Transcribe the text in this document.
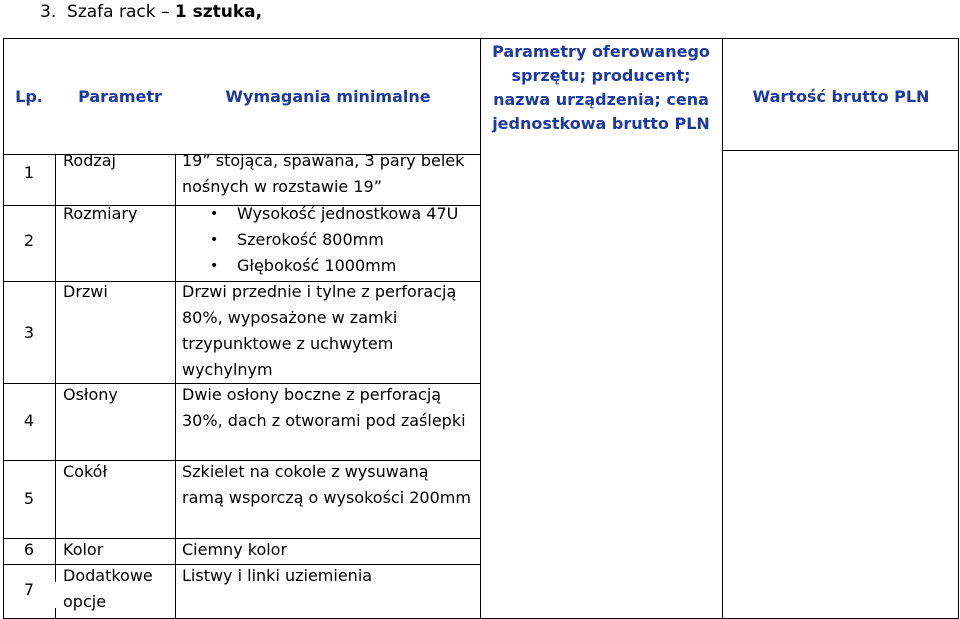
3. Szafa rack – 1 sztuka,
Lp.	Parametr	Wymagania minimalne
Parametry oferowanego sprzętu; producent; nazwa urządzenia; cena jednostkowa brutto PLN
Wartość brutto PLN
1
Rodzaj	19” stojąca, spawana, 3 pary belek nośnych w rozstawie 19”
2
Rozmiary
•	Wysokość jednostkowa 47U
• Szerokość 800mm
• Głębokość 1000mm
3
Drzwi	Drzwi przednie i tylne z perforacją 80%, wyposażone w zamki trzypunktowe z uchwytem wychylnym
4
Osłony	Dwie osłony boczne z perforacją 30%, dach z otworami pod zaślepki
5
Cokół	Szkielet na cokole z wysuwaną ramą wsporczą o wysokości 200mm
6	Kolor	Ciemny kolor
7
Dodatkowe opcje
Listwy i linki uziemienia
